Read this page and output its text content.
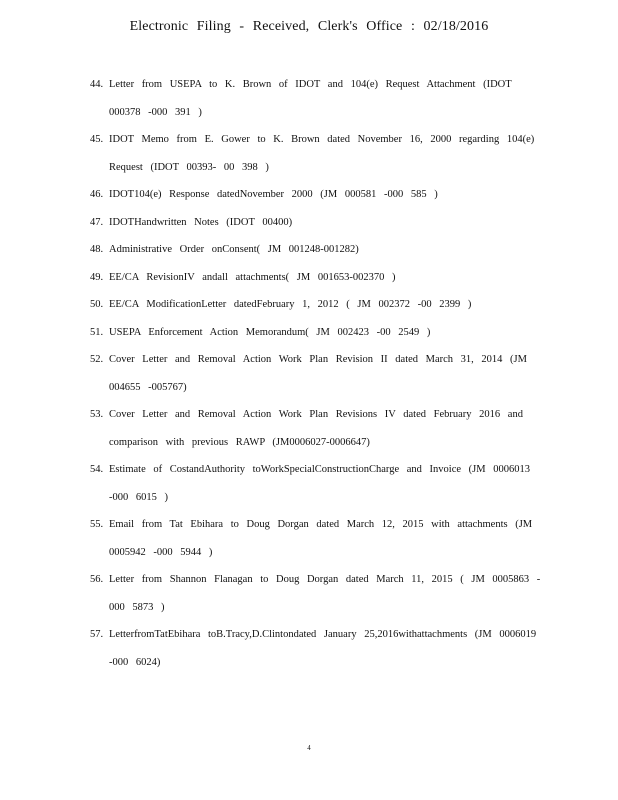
Electronic Filing - Received, Clerk's Office : 02/18/2016
44. Letter from USEPA to K. Brown of IDOT and 104(e) Request Attachment (IDOT 000378 -000 391 )
45. IDOT Memo from E. Gower to K. Brown dated November 16, 2000 regarding 104(e) Request (IDOT 00393- 00 398 )
46. IDOT104(e) Response datedNovember 2000 (JM 000581 -000 585 )
47. IDOTHandwritten Notes (IDOT 00400)
48. Administrative Order onConsent( JM 001248-001282)
49. EE/CA RevisionIV andall attachments( JM 001653-002370 )
50. EE/CA ModificationLetter datedFebruary 1, 2012 ( JM 002372 -00 2399 )
51. USEPA Enforcement Action Memorandum( JM 002423 -00 2549 )
52. Cover Letter and Removal Action Work Plan Revision II dated March 31, 2014 (JM 004655 -005767)
53. Cover Letter and Removal Action Work Plan Revisions IV dated February 2016 and comparison with previous RAWP (JM0006027-0006647)
54. Estimate of CostandAuthority toWorkSpecialConstructionCharge and Invoice (JM 0006013 -000 6015 )
55. Email from Tat Ebihara to Doug Dorgan dated March 12, 2015 with attachments (JM 0005942 -000 5944 )
56. Letter from Shannon Flanagan to Doug Dorgan dated March 11, 2015 ( JM 0005863 - 000 5873 )
57. LetterfromTatEbihara toB.Tracy,D.Clintondated January 25,2016withattachments (JM 0006019 -000 6024)
4
